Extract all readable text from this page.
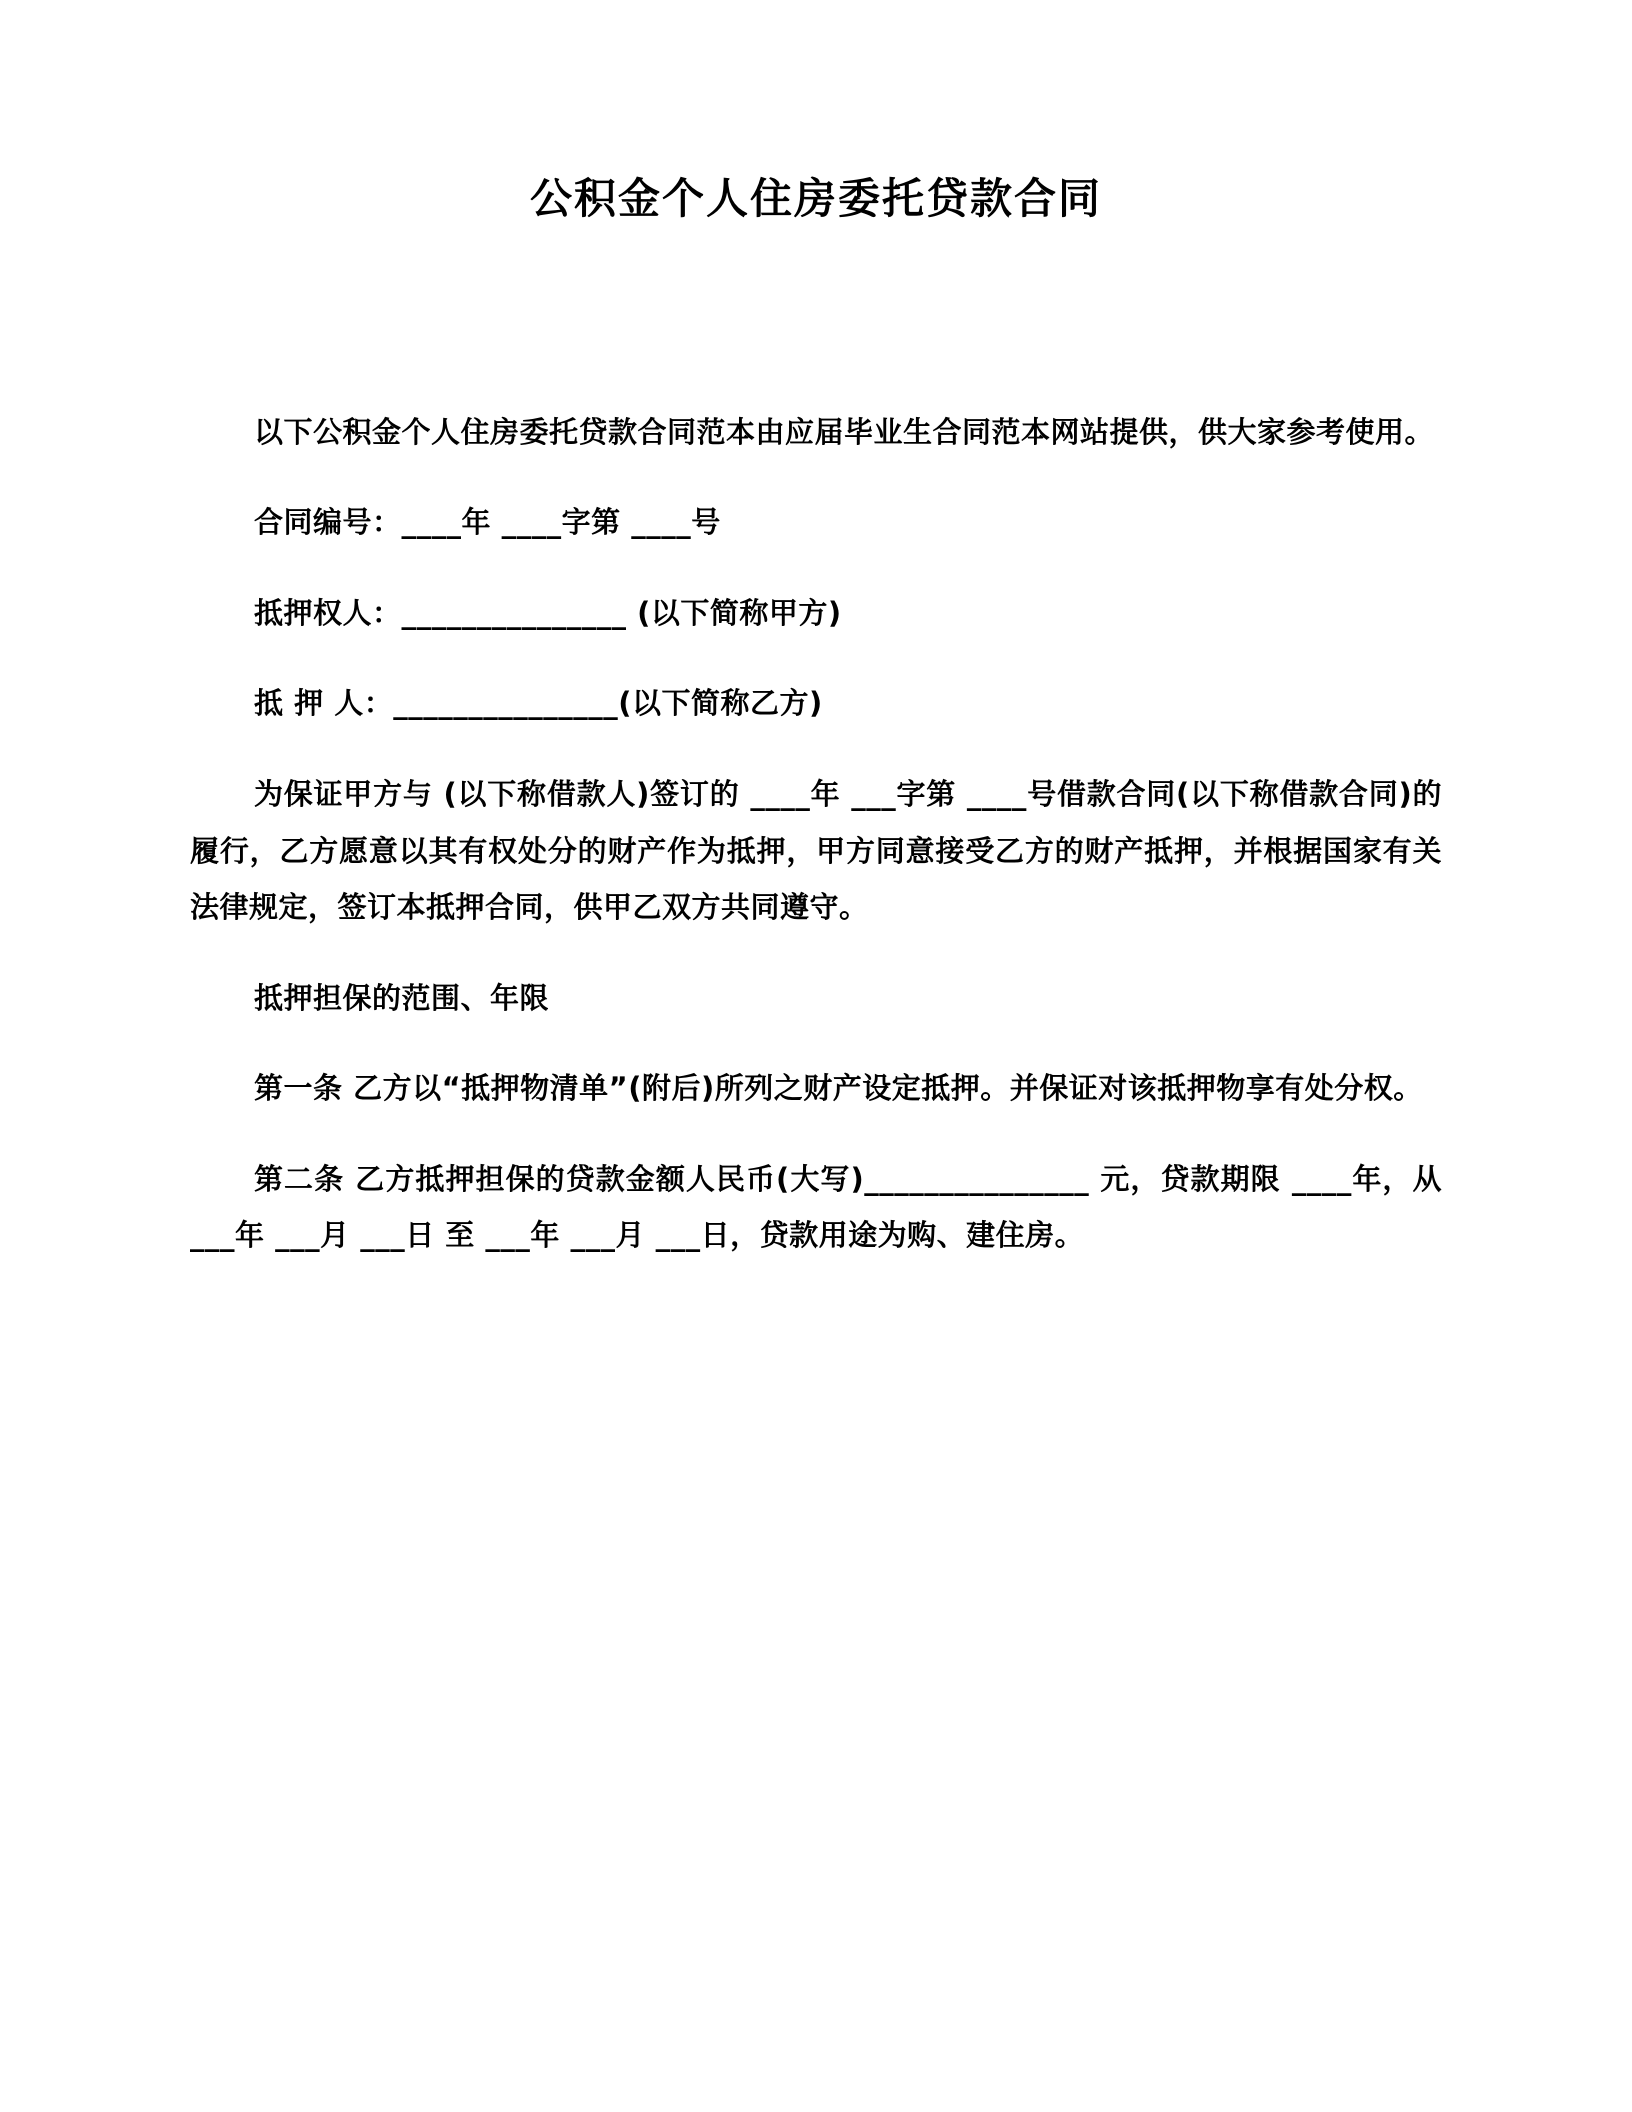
公积金个人住房委托贷款合同

以下公积金个人住房委托贷款合同范本由应届毕业生合同范本网站提供，供大家参考使用。

合同编号：____年 ____字第 ____号

抵押权人：_______________ (以下简称甲方)

抵 押 人：_______________(以下简称乙方)

为保证甲方与 (以下称借款人)签订的 ____年 ___字第 ____号借款合同(以下称借款合同)的履行，乙方愿意以其有权处分的财产作为抵押，甲方同意接受乙方的财产抵押，并根据国家有关法律规定，签订本抵押合同，供甲乙双方共同遵守。

抵押担保的范围、年限

第一条 乙方以“抵押物清单”(附后)所列之财产设定抵押。并保证对该抵押物享有处分权。

第二条 乙方抵押担保的贷款金额人民币(大写)_______________ 元，贷款期限 ____年，从 ___年 ___月 ___日 至 ___年 ___月 ___日，贷款用途为购、建住房。
